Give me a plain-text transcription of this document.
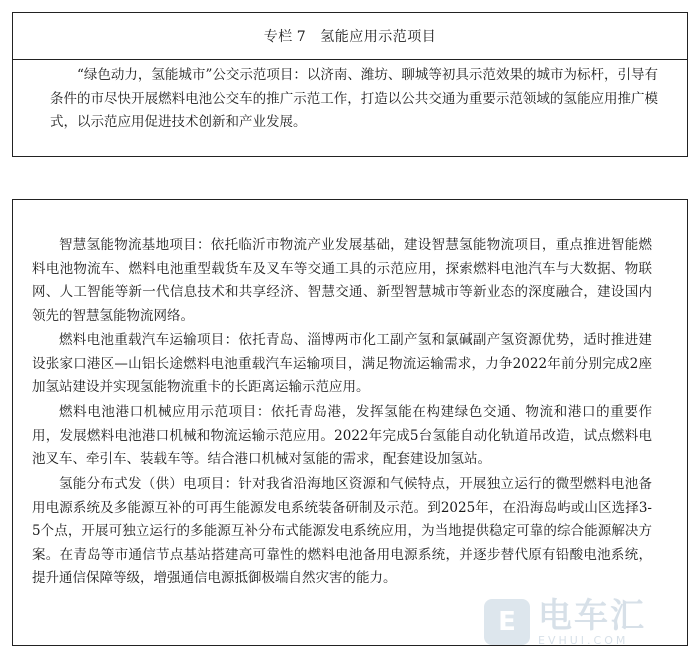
专栏 7 氢能应用示范项目

“绿色动力，氢能城市”公交示范项目：以济南、潍坊、聊城等初具示范效果的城市为标杆，引导有条件的市尽快开展燃料电池公交车的推广示范工作，打造以公共交通为重要示范领域的氢能应用推广模式，以示范应用促进技术创新和产业发展。

智慧氢能物流基地项目：依托临沂市物流产业发展基础，建设智慧氢能物流项目，重点推进智能燃料电池物流车、燃料电池重型载货车及叉车等交通工具的示范应用，探索燃料电池汽车与大数据、物联网、人工智能等新一代信息技术和共享经济、智慧交通、新型智慧城市等新业态的深度融合，建设国内领先的智慧氢能物流网络。

燃料电池重载汽车运输项目：依托青岛、淄博两市化工副产氢和氯碱副产氢资源优势，适时推进建设张家口港区—山铝长途燃料电池重载汽车运输项目，满足物流运输需求，力争2022年前分别完成2座加氢站建设并实现氢能物流重卡的长距离运输示范应用。

燃料电池港口机械应用示范项目：依托青岛港，发挥氢能在构建绿色交通、物流和港口的重要作用，发展燃料电池港口机械和物流运输示范应用。2022年完成5台氢能自动化轨道吊改造，试点燃料电池叉车、牵引车、装载车等。结合港口机械对氢能的需求，配套建设加氢站。

氢能分布式发（供）电项目：针对我省沿海地区资源和气候特点，开展独立运行的微型燃料电池备用电源系统及多能源互补的可再生能源发电系统装备研制及示范。到2025年，在沿海岛屿或山区选择3-5个点，开展可独立运行的多能源互补分布式能源发电系统应用，为当地提供稳定可靠的综合能源解决方案。在青岛等市通信节点基站搭建高可靠性的燃料电池备用电源系统，并逐步替代原有铅酸电池系统，提升通信保障等级，增强通信电源抵御极端自然灾害的能力。

E 电车汇
EVHUI.COM
